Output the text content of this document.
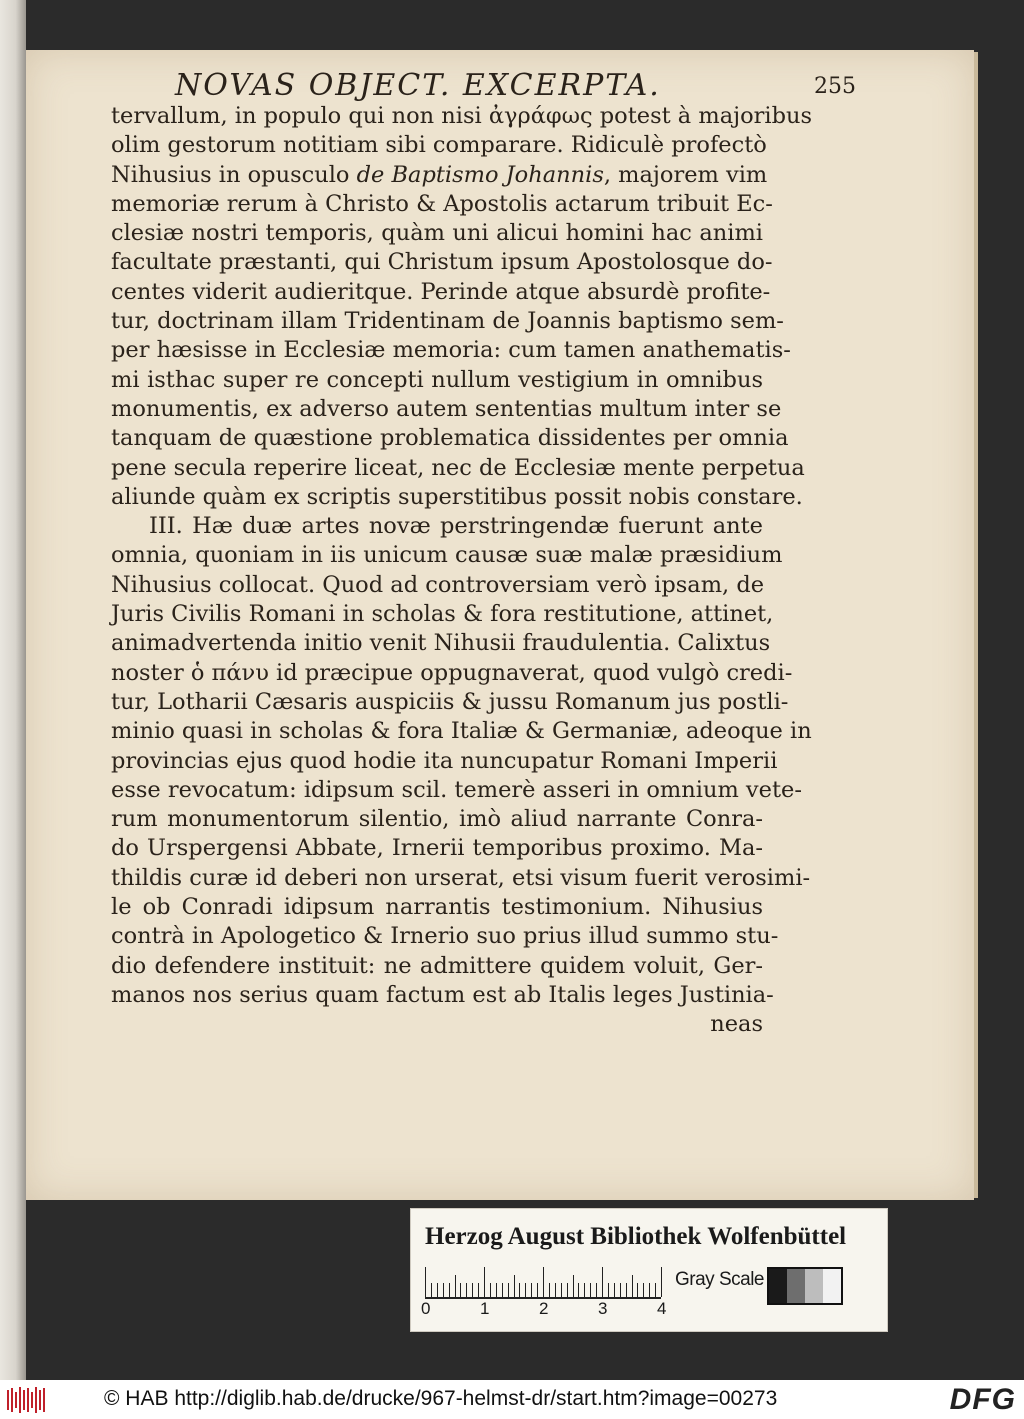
NOVAS OBJECT. EXCERPTA.	255
tervallum, in populo qui non nisi ἀγράφως potest à majoribus
olim gestorum notitiam sibi comparare. Ridiculè profectò
Nihusius in opusculo de Baptismo Johannis, majorem vim
memoriæ rerum à Christo & Apostolis actarum tribuit Ec-
clesiæ nostri temporis, quàm uni alicui homini hac animi
facultate præstanti, qui Christum ipsum Apostolosque do-
centes viderit audieritque. Perinde atque absurdè profite-
tur, doctrinam illam Tridentinam de Joannis baptismo sem-
per hæsisse in Ecclesiæ memoria: cum tamen anathematis-
mi isthac super re concepti nullum vestigium in omnibus
monumentis, ex adverso autem sententias multum inter se
tanquam de quæstione problematica dissidentes per omnia
pene secula reperire liceat, nec de Ecclesiæ mente perpetua
aliunde quàm ex scriptis superstitibus possit nobis constare.
III. Hæ duæ artes novæ perstringendæ fuerunt ante
omnia, quoniam in iis unicum causæ suæ malæ præsidium
Nihusius collocat. Quod ad controversiam verò ipsam, de
Juris Civilis Romani in scholas & fora restitutione, attinet,
animadvertenda initio venit Nihusii fraudulentia. Calixtus
noster ὁ πάνυ id præcipue oppugnaverat, quod vulgò credi-
tur, Lotharii Cæsaris auspiciis & jussu Romanum jus postli-
minio quasi in scholas & fora Italiæ & Germaniæ, adeoque in
provincias ejus quod hodie ita nuncupatur Romani Imperii
esse revocatum: idipsum scil. temerè asseri in omnium vete-
rum monumentorum silentio, imò aliud narrante Conra-
do Urspergensi Abbate, Irnerii temporibus proximo. Ma-
thildis curæ id deberi non urserat, etsi visum fuerit verosimi-
le ob Conradi idipsum narrantis testimonium. Nihusius
contrà in Apologetico & Irnerio suo prius illud summo stu-
dio defendere instituit: ne admittere quidem voluit, Ger-
manos nos serius quam factum est ab Italis leges Justinia-
neas
Herzog August Bibliothek Wolfenbüttel
0	1	2	3	4
Gray Scale
© HAB http://diglib.hab.de/drucke/967-helmst-dr/start.htm?image=00273	DFG
